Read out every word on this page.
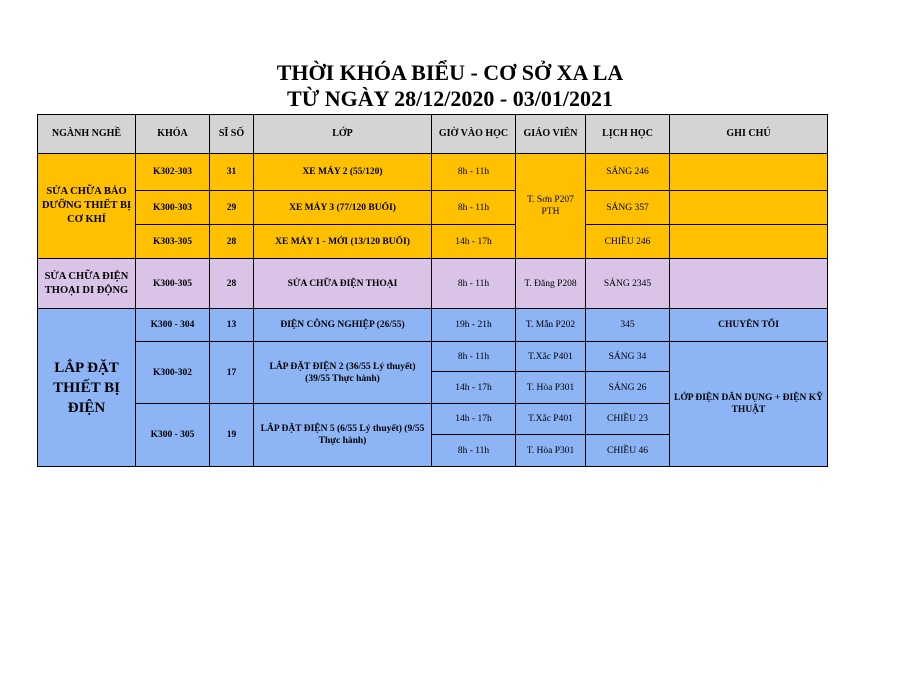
THỜI KHÓA BIỂU - CƠ SỞ XA LA
TỪ NGÀY 28/12/2020 - 03/01/2021
NGÀNH NGHỀ	KHÓA	SĨ SỐ	LỚP	GIỜ VÀO HỌC	GIÁO VIÊN	LỊCH HỌC	GHI CHÚ
SỬA CHỮA BẢO DƯỠNG THIẾT BỊ CƠ KHÍ	K302-303	31	XE MÁY 2 (55/120)	8h - 11h	T. Sơn P207 PTH	SÁNG 246	
	K300-303	29	XE MÁY 3 (77/120 BUỔI)	8h - 11h		SÁNG 357	
	K303-305	28	XE MÁY 1 - MỚI (13/120 BUỔI)	14h - 17h		CHIỀU 246	
SỬA CHỮA ĐIỆN THOẠI DI ĐỘNG	K300-305	28	SỬA CHỮA ĐIỆN THOẠI	8h - 11h	T. Đăng P208	SÁNG 2345	
LẮP ĐẶT THIẾT BỊ ĐIỆN	K300 - 304	13	ĐIỆN CÔNG NGHIỆP (26/55)	19h - 21h	T. Mẫn P202	345	CHUYÊN TỐI
	K300-302	17	LẮP ĐẶT ĐIỆN 2 (36/55 Lý thuyết) (39/55 Thực hành)	8h - 11h	T.Xắc P401	SÁNG 34	LỚP ĐIỆN DÂN DỤNG + ĐIỆN KỸ THUẬT
				14h - 17h	T. Hòa P301	SÁNG 26	
	K300 - 305	19	LẮP ĐẶT ĐIỆN 5 (6/55 Lý thuyết) (9/55 Thực hành)	14h - 17h	T.Xắc P401	CHIỀU 23	
				8h - 11h	T. Hòa P301	CHIỀU 46	
